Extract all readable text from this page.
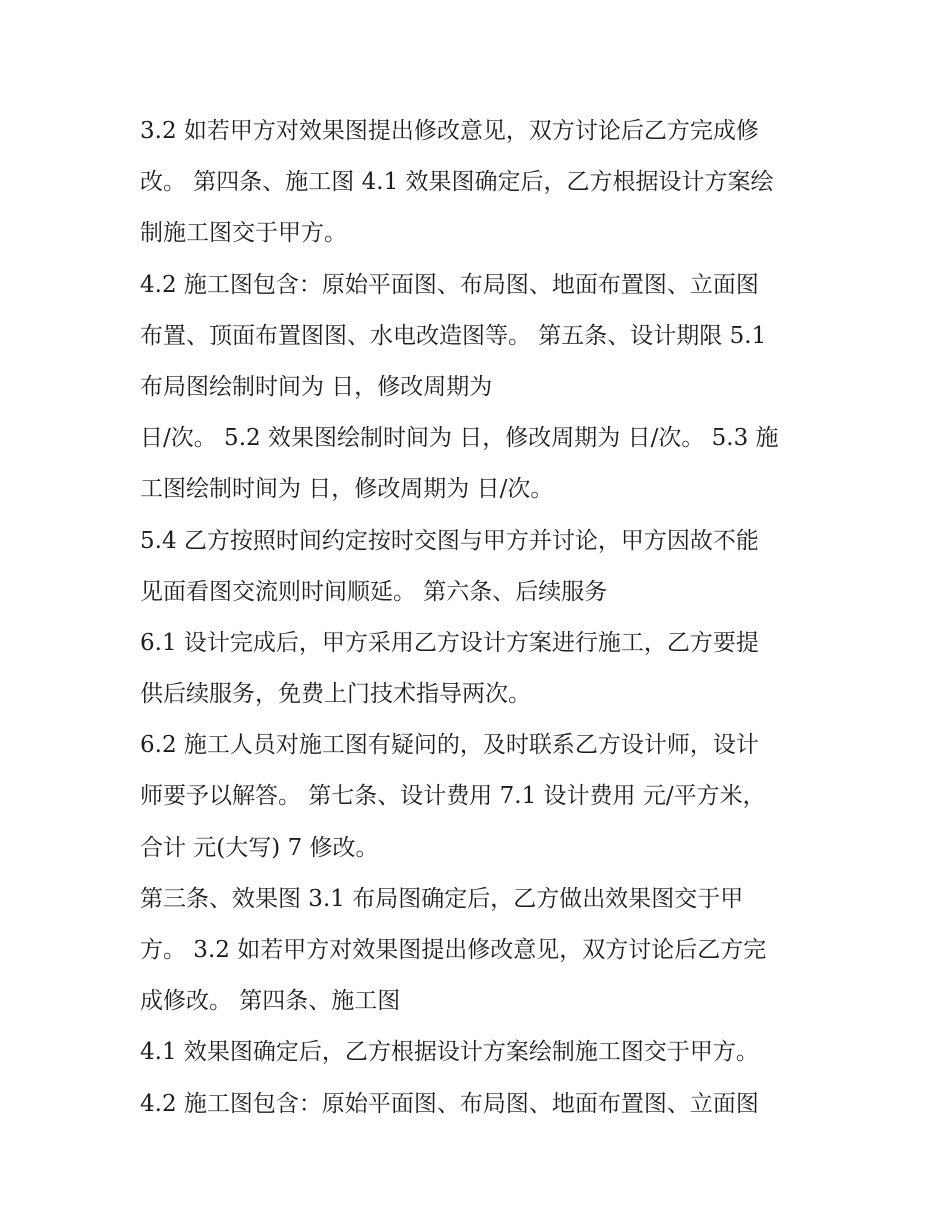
3.2 如若甲方对效果图提出修改意见，双方讨论后乙方完成修
改。 第四条、施工图 4.1 效果图确定后，乙方根据设计方案绘
制施工图交于甲方。
4.2 施工图包含：原始平面图、布局图、地面布置图、立面图
布置、顶面布置图图、水电改造图等。 第五条、设计期限 5.1
布局图绘制时间为 日，修改周期为
日/次。 5.2 效果图绘制时间为 日，修改周期为 日/次。 5.3 施
工图绘制时间为 日，修改周期为 日/次。
5.4 乙方按照时间约定按时交图与甲方并讨论，甲方因故不能
见面看图交流则时间顺延。 第六条、后续服务
6.1 设计完成后，甲方采用乙方设计方案进行施工，乙方要提
供后续服务，免费上门技术指导两次。
6.2 施工人员对施工图有疑问的，及时联系乙方设计师，设计
师要予以解答。 第七条、设计费用 7.1 设计费用 元/平方米，
合计 元(大写) 7 修改。
第三条、效果图 3.1 布局图确定后，乙方做出效果图交于甲
方。 3.2 如若甲方对效果图提出修改意见，双方讨论后乙方完
成修改。 第四条、施工图
4.1 效果图确定后，乙方根据设计方案绘制施工图交于甲方。
4.2 施工图包含：原始平面图、布局图、地面布置图、立面图
